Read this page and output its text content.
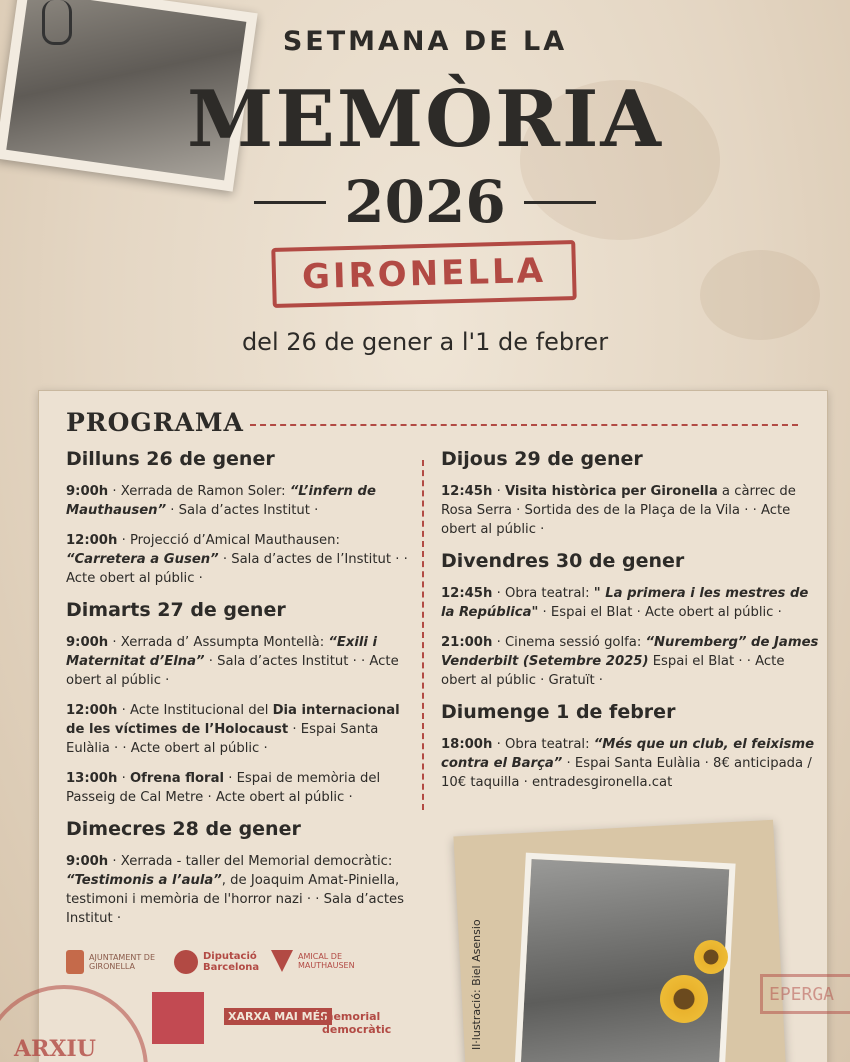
SETMANA DE LA
MEMÒRIA
2026
GIRONELLA
del 26 de gener a l'1 de febrer
PROGRAMA
Dilluns 26 de gener
9:00h · Xerrada de Ramon Soler: “L’infern de Mauthausen” · Sala d’actes Institut ·
12:00h · Projecció d’Amical Mauthausen: “Carretera a Gusen” · Sala d’actes de l’Institut · · Acte obert al públic ·
Dimarts 27 de gener
9:00h · Xerrada d’ Assumpta Montellà: “Exili i Maternitat d’Elna” · Sala d’actes Institut · · Acte obert al públic ·
12:00h · Acte Institucional del Dia internacional de les víctimes de l’Holocaust · Espai Santa Eulàlia · · Acte obert al públic ·
13:00h · Ofrena floral · Espai de memòria del Passeig de Cal Metre · Acte obert al públic ·
Dimecres 28 de gener
9:00h · Xerrada - taller del Memorial democràtic: “Testimonis a l’aula”, de Joaquim Amat-Piniella, testimoni i memòria de l'horror nazi · · Sala d’actes Institut ·
Dijous 29 de gener
12:45h · Visita històrica per Gironella a càrrec de Rosa Serra · Sortida des de la Plaça de la Vila · · Acte obert al públic ·
Divendres 30 de gener
12:45h · Obra teatral: " La primera i les mestres de la República" · Espai el Blat · Acte obert al públic ·
21:00h · Cinema sessió golfa: “Nuremberg” de James Venderbilt (Setembre 2025) Espai el Blat · · Acte obert al públic · Gratuït ·
Diumenge 1 de febrer
18:00h · Obra teatral: “Més que un club, el feixisme contra el Barça” · Espai Santa Eulàlia · 8€ anticipada / 10€ taquilla · entradesgironella.cat
Il·lustració: Biel Asensio
AJUNTAMENT DE GIRONELLA
Diputació Barcelona
AMICAL DE MAUTHAUSEN
XARXA MAI MÉS
memorial democràtic
ARXIU
EPERGA
